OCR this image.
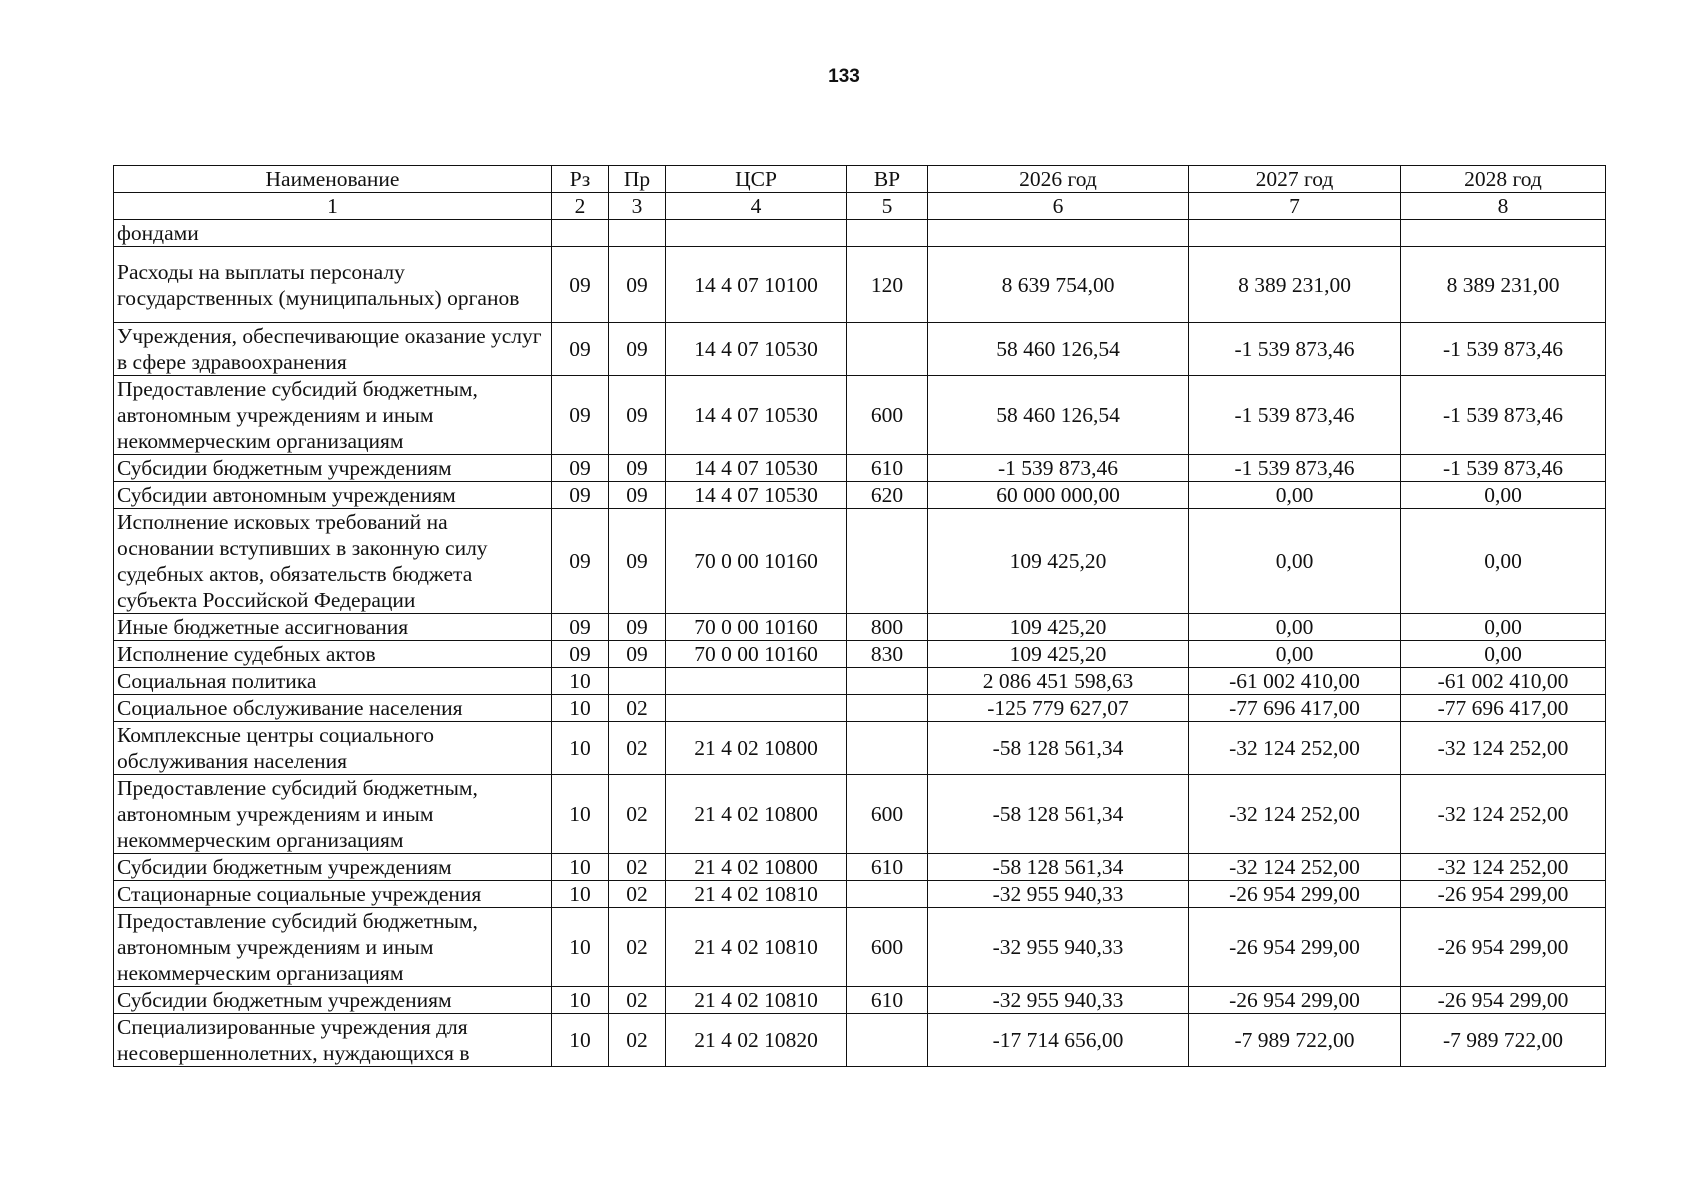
133
Наименование	Рз	Пр	ЦСР	ВР	2026 год	2027 год	2028 год
1	2	3	4	5	6	7	8
фондами							
Расходы на выплаты персоналу государственных (муниципальных) органов	09	09	14 4 07 10100	120	8 639 754,00	8 389 231,00	8 389 231,00
Учреждения, обеспечивающие оказание услуг в сфере здравоохранения	09	09	14 4 07 10530		58 460 126,54	-1 539 873,46	-1 539 873,46
Предоставление субсидий бюджетным, автономным учреждениям и иным некоммерческим организациям	09	09	14 4 07 10530	600	58 460 126,54	-1 539 873,46	-1 539 873,46
Субсидии бюджетным учреждениям	09	09	14 4 07 10530	610	-1 539 873,46	-1 539 873,46	-1 539 873,46
Субсидии автономным учреждениям	09	09	14 4 07 10530	620	60 000 000,00	0,00	0,00
Исполнение исковых требований на основании вступивших в законную силу судебных актов, обязательств бюджета субъекта Российской Федерации	09	09	70 0 00 10160		109 425,20	0,00	0,00
Иные бюджетные ассигнования	09	09	70 0 00 10160	800	109 425,20	0,00	0,00
Исполнение судебных актов	09	09	70 0 00 10160	830	109 425,20	0,00	0,00
Социальная политика	10				2 086 451 598,63	-61 002 410,00	-61 002 410,00
Социальное обслуживание населения	10	02			-125 779 627,07	-77 696 417,00	-77 696 417,00
Комплексные центры социального обслуживания населения	10	02	21 4 02 10800		-58 128 561,34	-32 124 252,00	-32 124 252,00
Предоставление субсидий бюджетным, автономным учреждениям и иным некоммерческим организациям	10	02	21 4 02 10800	600	-58 128 561,34	-32 124 252,00	-32 124 252,00
Субсидии бюджетным учреждениям	10	02	21 4 02 10800	610	-58 128 561,34	-32 124 252,00	-32 124 252,00
Стационарные социальные учреждения	10	02	21 4 02 10810		-32 955 940,33	-26 954 299,00	-26 954 299,00
Предоставление субсидий бюджетным, автономным учреждениям и иным некоммерческим организациям	10	02	21 4 02 10810	600	-32 955 940,33	-26 954 299,00	-26 954 299,00
Субсидии бюджетным учреждениям	10	02	21 4 02 10810	610	-32 955 940,33	-26 954 299,00	-26 954 299,00
Специализированные учреждения для несовершеннолетних, нуждающихся в	10	02	21 4 02 10820		-17 714 656,00	-7 989 722,00	-7 989 722,00
